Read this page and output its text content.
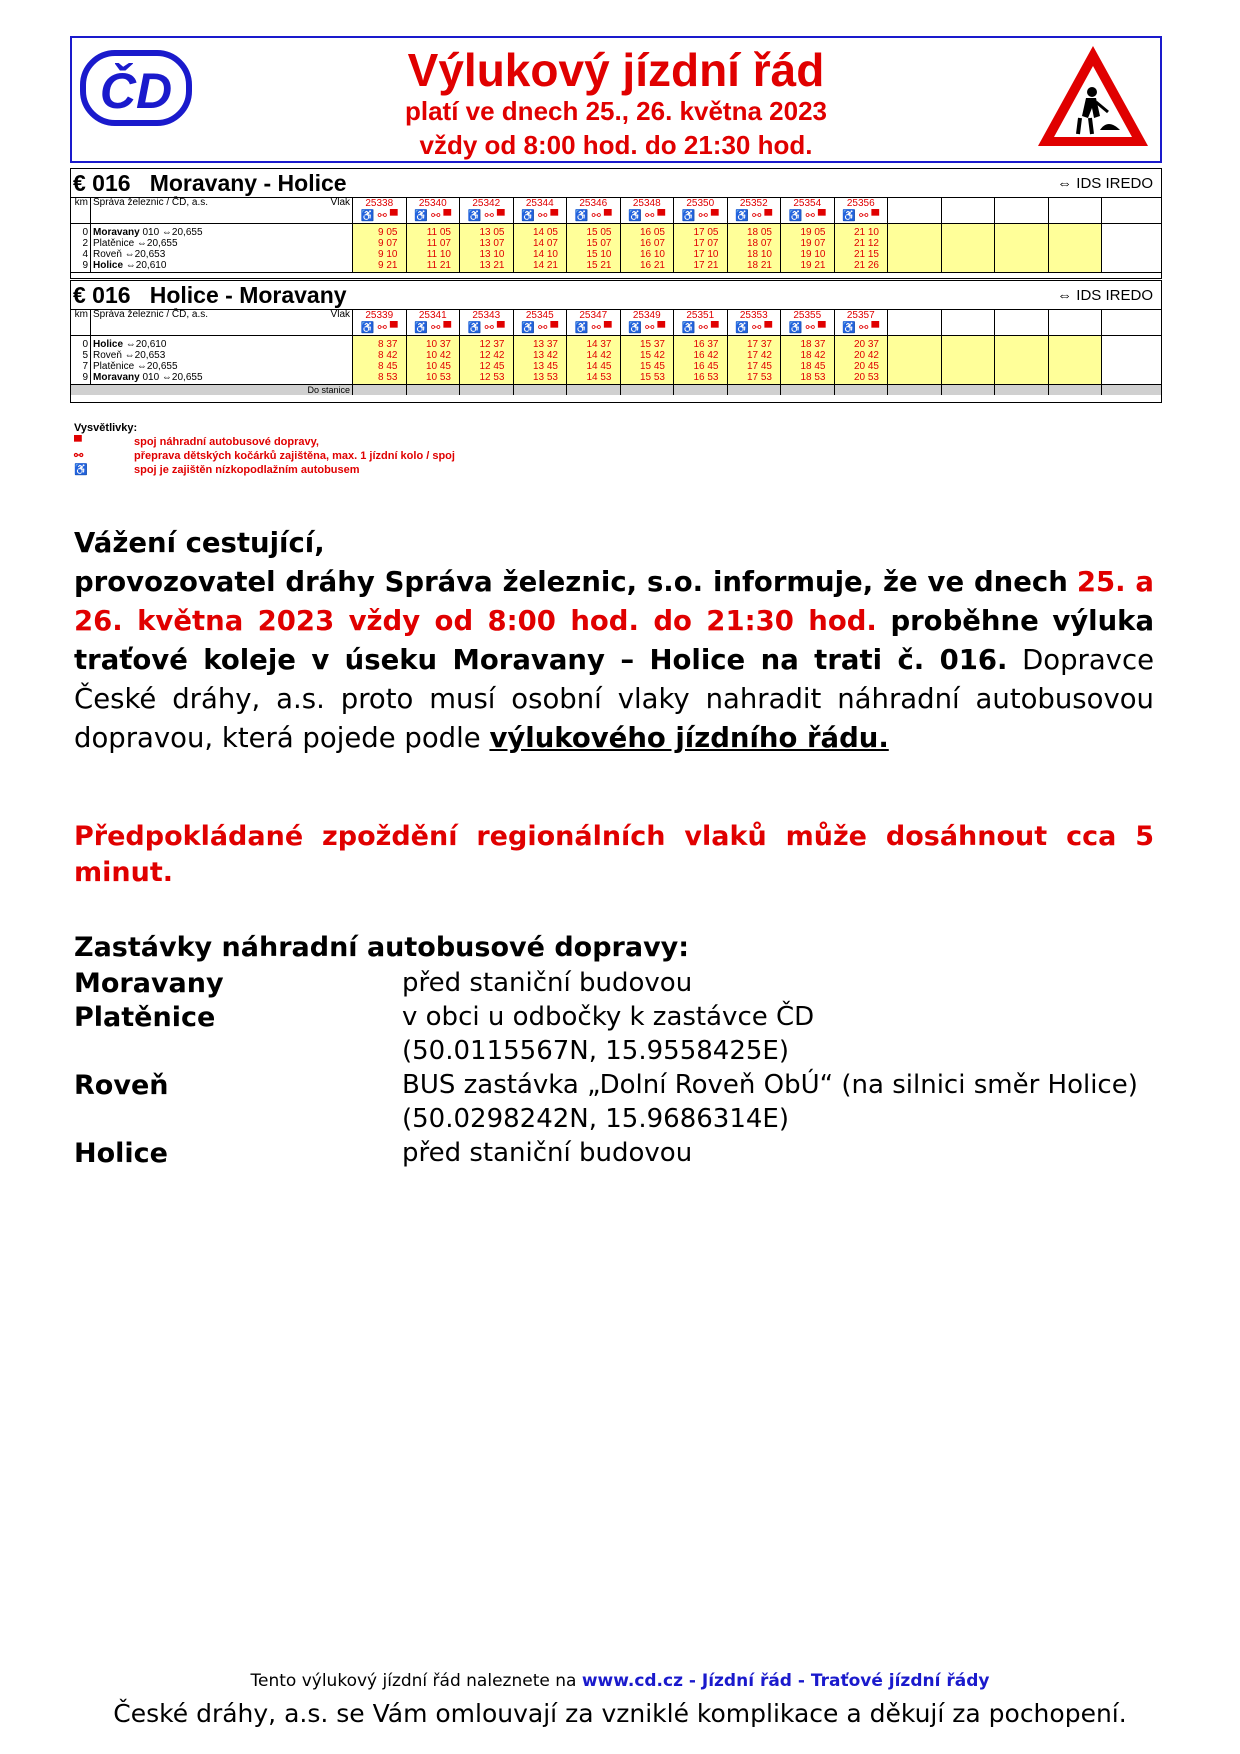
ČD	Výlukový jízdní řád
platí ve dnech 25., 26. května 2023
vždy od 8:00 hod. do 21:30 hod.
€ 016   Moravany - Holice	⇔ IDS IREDO
km Správa železnic / ČD, a.s.	Vlak	25338	25340	25342	25344	25346	25348	25350	25352	25354	25356
♿ ⚯ ▀	♿ ⚯ ▀	♿ ⚯ ▀	♿ ⚯ ▀	♿ ⚯ ▀	♿ ⚯ ▀	♿ ⚯ ▀	♿ ⚯ ▀	♿ ⚯ ▀	♿ ⚯ ▀
0 Moravany 010 ⇔20,655	9 05	11 05	13 05	14 05	15 05	16 05	17 05	18 05	19 05	21 10
2 Platěnice ⇔20,655	9 07	11 07	13 07	14 07	15 07	16 07	17 07	18 07	19 07	21 12
4 Roveň ⇔20,653	9 10	11 10	13 10	14 10	15 10	16 10	17 10	18 10	19 10	21 15
9 Holice ⇔20,610	9 21	11 21	13 21	14 21	15 21	16 21	17 21	18 21	19 21	21 26
€ 016   Holice - Moravany	⇔ IDS IREDO
km Správa železnic / ČD, a.s.	Vlak	25339	25341	25343	25345	25347	25349	25351	25353	25355	25357
♿ ⚯ ▀	♿ ⚯ ▀	♿ ⚯ ▀	♿ ⚯ ▀	♿ ⚯ ▀	♿ ⚯ ▀	♿ ⚯ ▀	♿ ⚯ ▀	♿ ⚯ ▀	♿ ⚯ ▀
0 Holice ⇔20,610	8 37	10 37	12 37	13 37	14 37	15 37	16 37	17 37	18 37	20 37
5 Roveň ⇔20,653	8 42	10 42	12 42	13 42	14 42	15 42	16 42	17 42	18 42	20 42
7 Platěnice ⇔20,655	8 45	10 45	12 45	13 45	14 45	15 45	16 45	17 45	18 45	20 45
9 Moravany 010 ⇔20,655	8 53	10 53	12 53	13 53	14 53	15 53	16 53	17 53	18 53	20 53
Do stanice
Vysvětlivky:
▀	spoj náhradní autobusové dopravy,
⚯	přeprava dětských kočárků zajištěna, max. 1 jízdní kolo / spoj
♿	spoj je zajištěn nízkopodlažním autobusem
Vážení cestující,
provozovatel dráhy Správa železnic, s.o. informuje, že ve dnech 25. a 26. května 2023 vždy od 8:00 hod. do 21:30 hod. proběhne výluka traťové koleje v úseku Moravany – Holice na trati č. 016. Dopravce České dráhy, a.s. proto musí osobní vlaky nahradit náhradní autobusovou dopravou, která pojede podle výlukového jízdního řádu.
Předpokládané zpoždění regionálních vlaků může dosáhnout cca 5 minut.
Zastávky náhradní autobusové dopravy:
Moravany	před staniční budovou
Platěnice	v obci u odbočky k zastávce ČD
(50.0115567N, 15.9558425E)
Roveň	BUS zastávka „Dolní Roveň ObÚ“ (na silnici směr Holice)
(50.0298242N, 15.9686314E)
Holice	před staniční budovou
Tento výlukový jízdní řád naleznete na www.cd.cz - Jízdní řád - Traťové jízdní řády
České dráhy, a.s. se Vám omlouvají za vzniklé komplikace a děkují za pochopení.
